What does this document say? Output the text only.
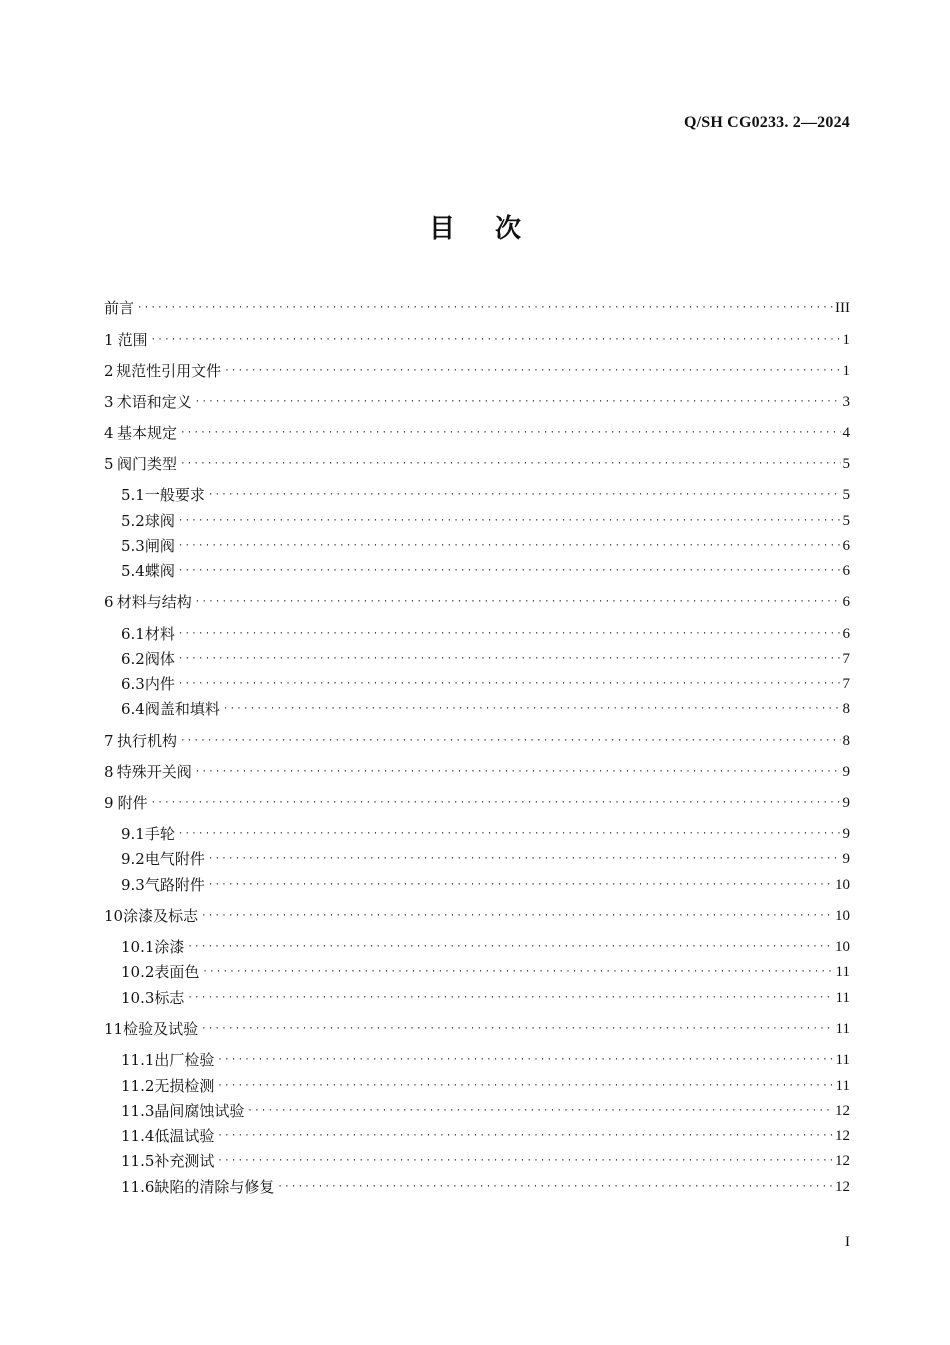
Q/SH CG0233. 2—2024
目次
前言 ·····	III
1 范围 ·····	1
2 规范性引用文件 ·····	1
3 术语和定义 ·····	3
4 基本规定 ·····	4
5 阀门类型 ·····	5
5.1 一般要求 ·····	5
5.2 球阀 ·····	5
5.3 闸阀 ·····	6
5.4 蝶阀 ·····	6
6 材料与结构 ·····	6
6.1 材料 ·····	6
6.2 阀体 ·····	7
6.3 内件 ·····	7
6.4 阀盖和填料 ·····	8
7 执行机构 ·····	8
8 特殊开关阀 ·····	9
9 附件 ·····	9
9.1 手轮 ·····	9
9.2 电气附件 ·····	9
9.3 气路附件 ·····	10
10 涂漆及标志 ·····	10
10.1 涂漆 ·····	10
10.2 表面色 ·····	11
10.3 标志 ·····	11
11 检验及试验 ·····	11
11.1 出厂检验 ·····	11
11.2 无损检测 ·····	11
11.3 晶间腐蚀试验 ·····	12
11.4 低温试验 ·····	12
11.5 补充测试 ·····	12
11.6 缺陷的清除与修复 ·····	12
I
